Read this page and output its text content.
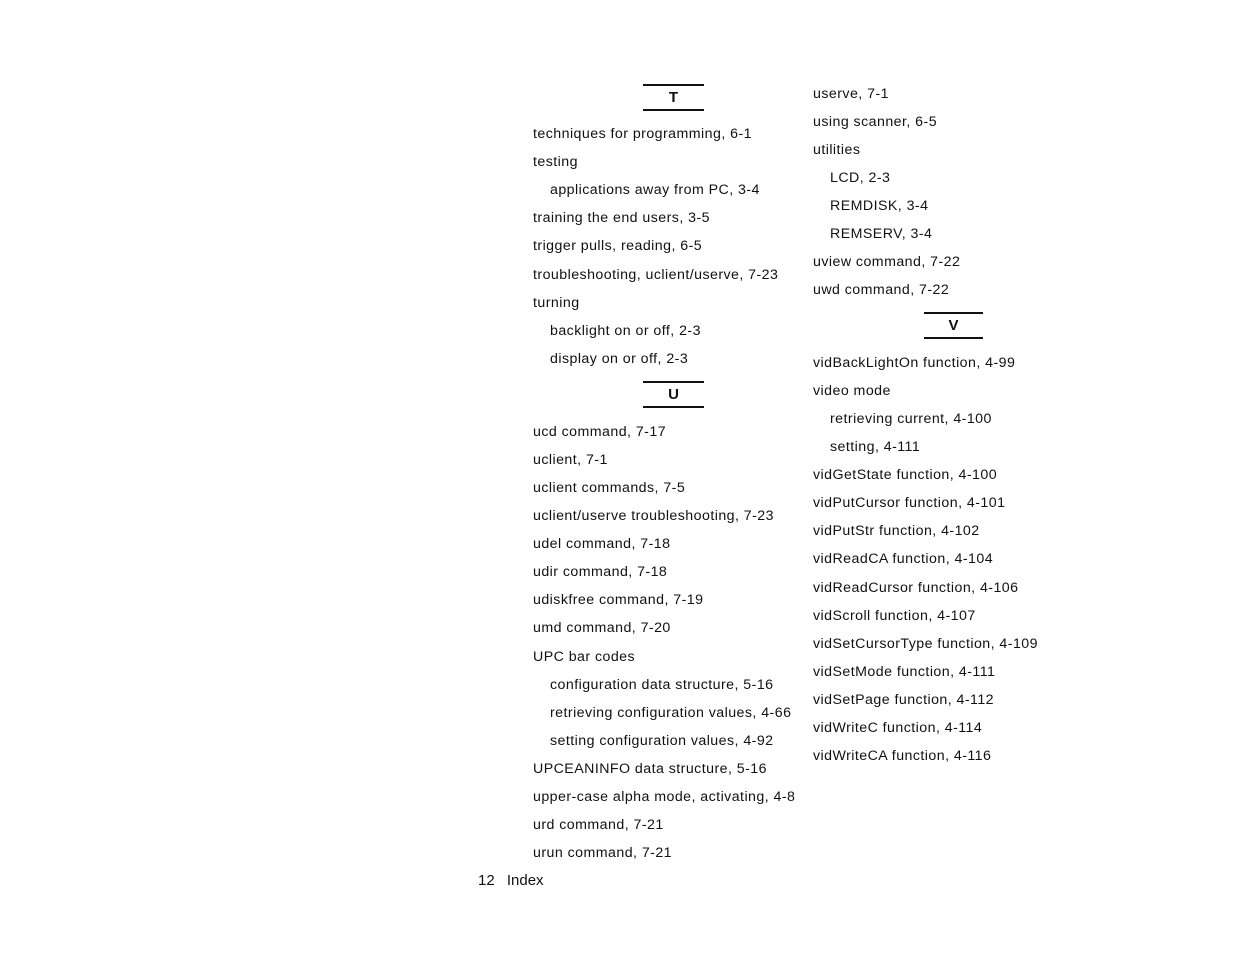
T
techniques for programming, 6-1
testing
applications away from PC, 3-4
training the end users, 3-5
trigger pulls, reading, 6-5
troubleshooting, uclient/userve, 7-23
turning
backlight on or off, 2-3
display on or off, 2-3
U
ucd command, 7-17
uclient, 7-1
uclient commands, 7-5
uclient/userve troubleshooting, 7-23
udel command, 7-18
udir command, 7-18
udiskfree command, 7-19
umd command, 7-20
UPC bar codes
configuration data structure, 5-16
retrieving configuration values, 4-66
setting configuration values, 4-92
UPCEANINFO data structure, 5-16
upper-case alpha mode, activating, 4-8
urd command, 7-21
urun command, 7-21
userve, 7-1
using scanner, 6-5
utilities
LCD, 2-3
REMDISK, 3-4
REMSERV, 3-4
uview command, 7-22
uwd command, 7-22
V
vidBackLightOn function, 4-99
video mode
retrieving current, 4-100
setting, 4-111
vidGetState function, 4-100
vidPutCursor function, 4-101
vidPutStr function, 4-102
vidReadCA function, 4-104
vidReadCursor function, 4-106
vidScroll function, 4-107
vidSetCursorType function, 4-109
vidSetMode function, 4-111
vidSetPage function, 4-112
vidWriteC function, 4-114
vidWriteCA function, 4-116
12 Index
